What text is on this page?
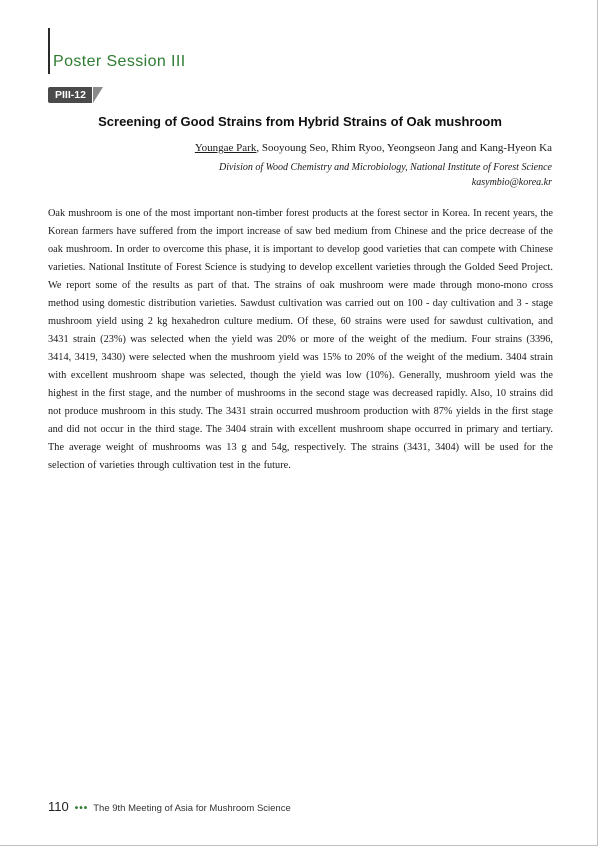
Poster Session III
PIII-12
Screening of Good Strains from Hybrid Strains of Oak mushroom
Youngae Park, Sooyoung Seo, Rhim Ryoo, Yeongseon Jang and Kang-Hyeon Ka
Division of Wood Chemistry and Microbiology, National Institute of Forest Science
kasymbio@korea.kr
Oak mushroom is one of the most important non-timber forest products at the forest sector in Korea. In recent years, the Korean farmers have suffered from the import increase of saw bed medium from Chinese and the price decrease of the oak mushroom. In order to overcome this phase, it is important to develop good varieties that can compete with Chinese varieties. National Institute of Forest Science is studying to develop excellent varieties through the Golded Seed Project. We report some of the results as part of that. The strains of oak mushroom were made through mono-mono cross method using domestic distribution varieties. Sawdust cultivation was carried out on 100 - day cultivation and 3 - stage mushroom yield using 2 kg hexahedron culture medium. Of these, 60 strains were used for sawdust cultivation, and 3431 strain (23%) was selected when the yield was 20% or more of the weight of the medium. Four strains (3396, 3414, 3419, 3430) were selected when the mushroom yield was 15% to 20% of the weight of the medium. 3404 strain with excellent mushroom shape was selected, though the yield was low (10%). Generally, mushroom yield was the highest in the first stage, and the number of mushrooms in the second stage was decreased rapidly. Also, 10 strains did not produce mushroom in this study. The 3431 strain occurred mushroom production with 87% yields in the first stage and did not occur in the third stage. The 3404 strain with excellent mushroom shape occurred in primary and tertiary. The average weight of mushrooms was 13 g and 54g, respectively. The strains (3431, 3404) will be used for the selection of varieties through cultivation test in the future.
110 ••• The 9th Meeting of Asia for Mushroom Science
